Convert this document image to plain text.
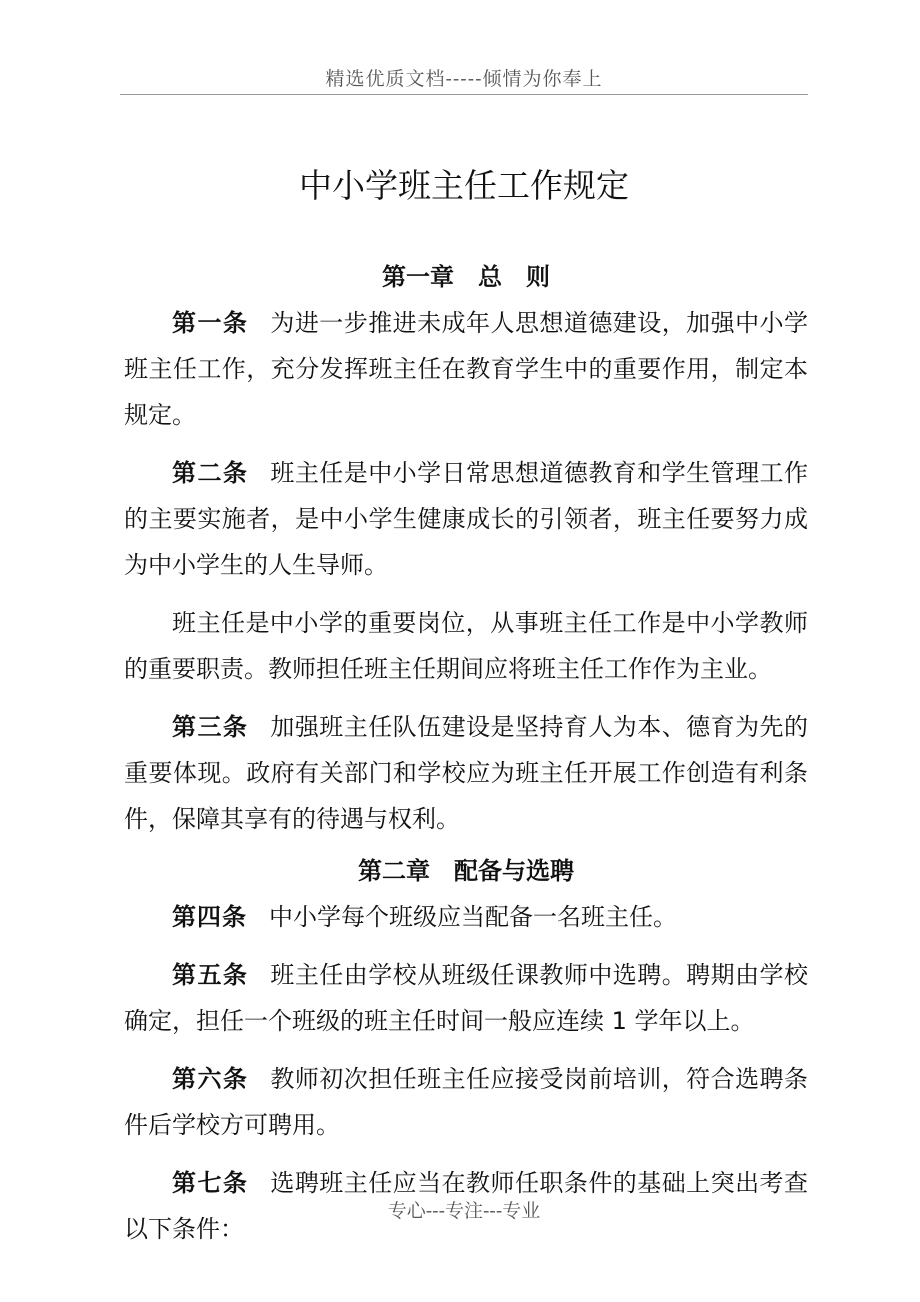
精选优质文档-----倾情为你奉上
中小学班主任工作规定
第一章　总　则

第一条 为进一步推进未成年人思想道德建设，加强中小学班主任工作，充分发挥班主任在教育学生中的重要作用，制定本规定。

第二条 班主任是中小学日常思想道德教育和学生管理工作的主要实施者，是中小学生健康成长的引领者，班主任要努力成为中小学生的人生导师。

班主任是中小学的重要岗位，从事班主任工作是中小学教师的重要职责。教师担任班主任期间应将班主任工作作为主业。

第三条 加强班主任队伍建设是坚持育人为本、德育为先的重要体现。政府有关部门和学校应为班主任开展工作创造有利条件，保障其享有的待遇与权利。

第二章　配备与选聘

第四条 中小学每个班级应当配备一名班主任。

第五条 班主任由学校从班级任课教师中选聘。聘期由学校确定，担任一个班级的班主任时间一般应连续 1 学年以上。

第六条 教师初次担任班主任应接受岗前培训，符合选聘条件后学校方可聘用。

第七条 选聘班主任应当在教师任职条件的基础上突出考查以下条件：

专心---专注---专业
